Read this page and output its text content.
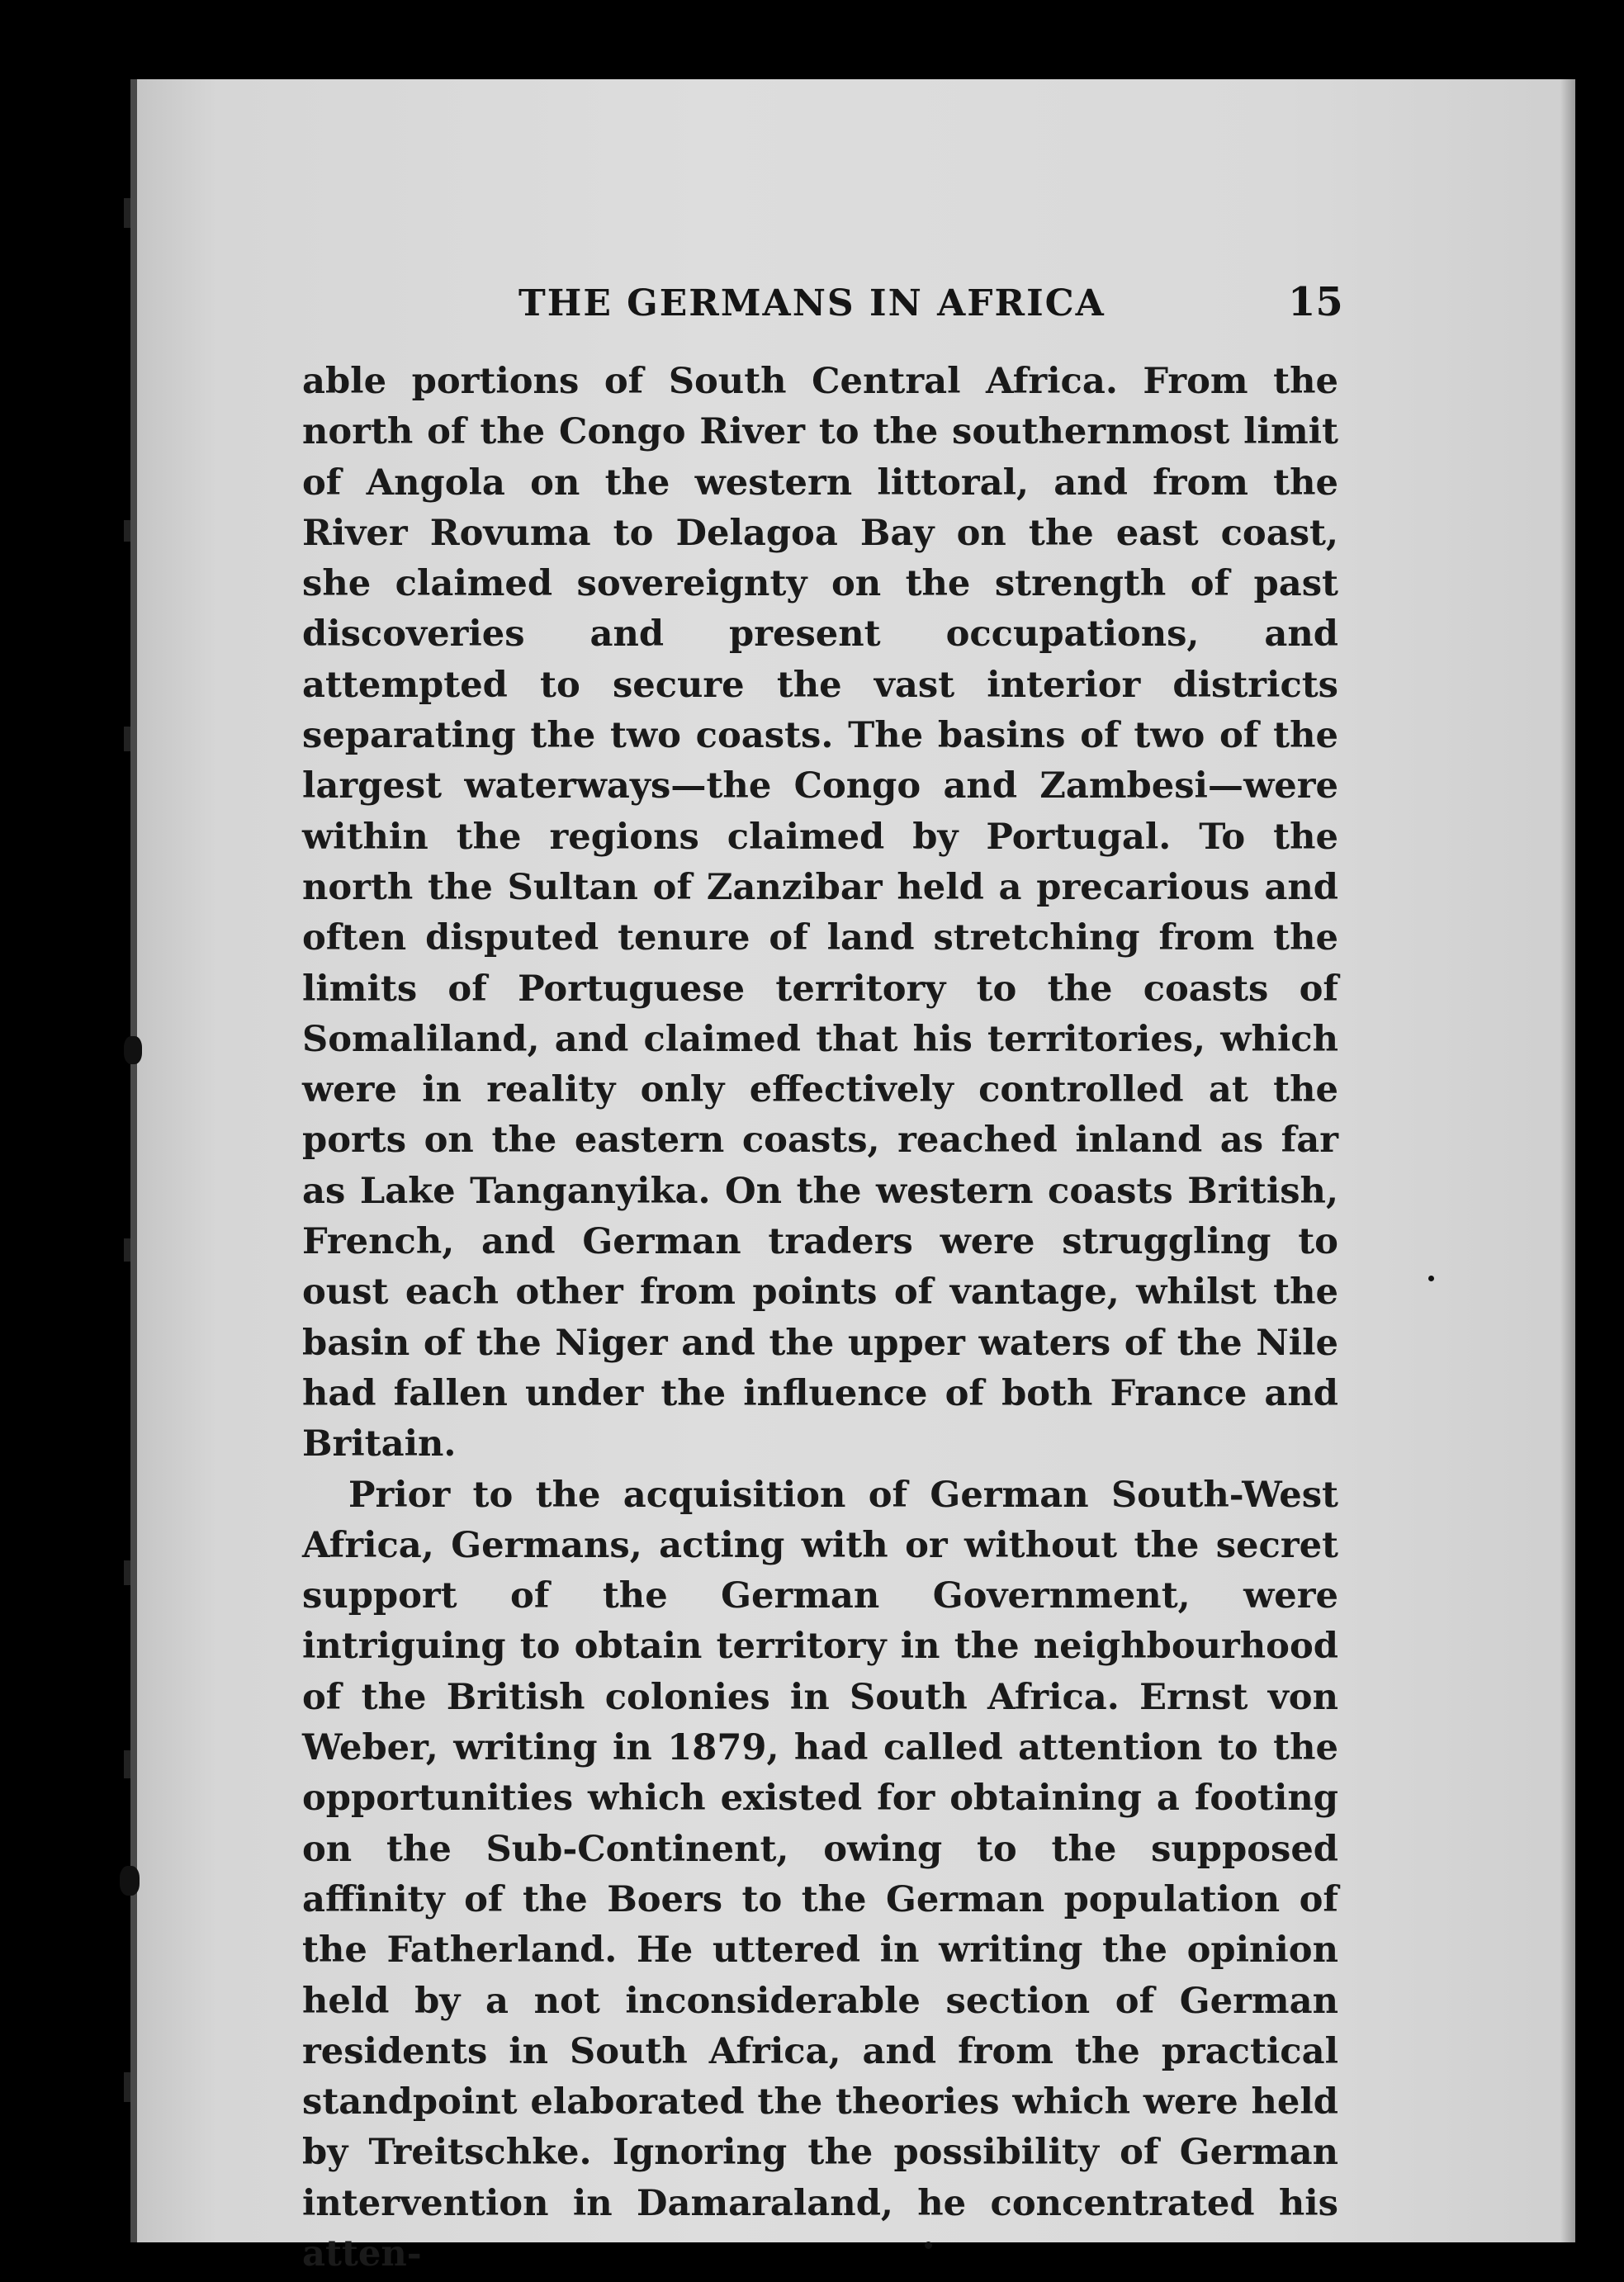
THE GERMANS IN AFRICA	15

able portions of South Central Africa. From the north of the Congo River to the southernmost limit of Angola on the western littoral, and from the River Rovuma to Delagoa Bay on the east coast, she claimed sovereignty on the strength of past discoveries and present occupations, and attempted to secure the vast interior districts separating the two coasts. The basins of two of the largest waterways—the Congo and Zambesi—were within the regions claimed by Portugal. To the north the Sultan of Zanzibar held a precarious and often disputed tenure of land stretching from the limits of Portuguese territory to the coasts of Somaliland, and claimed that his territories, which were in reality only effectively controlled at the ports on the eastern coasts, reached inland as far as Lake Tanganyika. On the western coasts British, French, and German traders were struggling to oust each other from points of vantage, whilst the basin of the Niger and the upper waters of the Nile had fallen under the influence of both France and Britain.

Prior to the acquisition of German South-West Africa, Germans, acting with or without the secret support of the German Government, were intriguing to obtain territory in the neighbourhood of the British colonies in South Africa. Ernst von Weber, writing in 1879, had called attention to the opportunities which existed for obtaining a footing on the Sub-Continent, owing to the supposed affinity of the Boers to the German population of the Fatherland. He uttered in writing the opinion held by a not inconsiderable section of German residents in South Africa, and from the practical standpoint elaborated the theories which were held by Treitschke. Ignoring the possibility of German intervention in Damaraland, he concentrated his atten-
